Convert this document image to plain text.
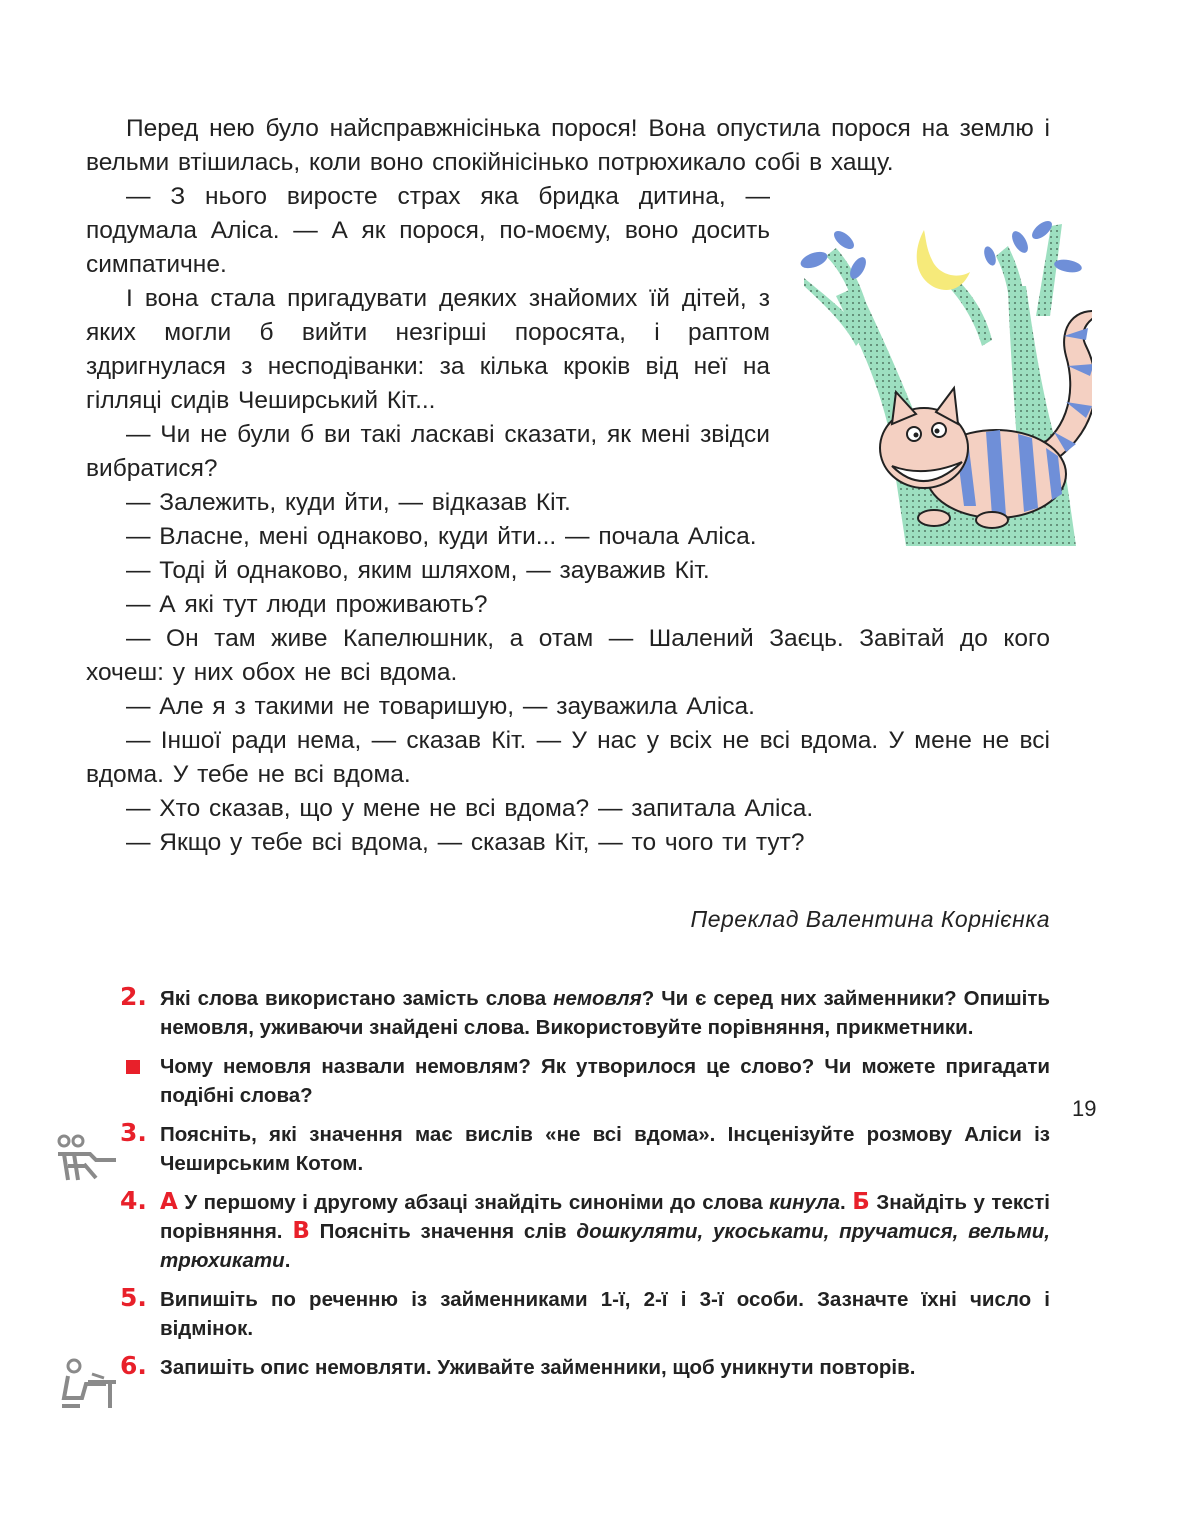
Перед нею було найсправжнісінька порося! Вона опустила порося на землю і вельми втішилась, коли воно спокійнісінько потрюхикало собі в хащу.

— З нього виросте страх яка бридка дитина, — подумала Аліса. — А як порося, по-моєму, воно досить симпатичне.

І вона стала пригадувати деяких знайомих їй дітей, з яких могли б вийти незгірші поросята, і раптом здригнулася з несподіванки: за кілька кроків від неї на гілляці сидів Чеширський Кіт...

— Чи не були б ви такі ласкаві сказати, як мені звідси вибратися?

— Залежить, куди йти, — відказав Кіт.

— Власне, мені однаково, куди йти... — почала Аліса.

— Тоді й однаково, яким шляхом, — зауважив Кіт.

— А які тут люди проживають?

— Он там живе Капелюшник, а отам — Шалений Заєць. Завітай до кого хочеш: у них обох не всі вдома.

— Але я з такими не товаришую, — зауважила Аліса.

— Іншої ради нема, — сказав Кіт. — У нас у всіх не всі вдома. У мене не всі вдома. У тебе не всі вдома.

— Хто сказав, що у мене не всі вдома? — запитала Аліса.

— Якщо у тебе всі вдома, — сказав Кіт, — то чого ти тут?

Переклад Валентина Корнієнка
2. Які слова використано замість слова немовля? Чи є серед них займенники? Опишіть немовля, уживаючи знайдені слова. Використовуйте порівняння, прикметники.
Чому немовля назвали немовлям? Як утворилося це слово? Чи можете пригадати подібні слова?
3. Поясніть, які значення має вислів «не всі вдома». Інсценізуйте розмову Аліси із Чеширським Котом.
4. А У першому і другому абзаці знайдіть синоніми до слова кинула. Б Знайдіть у тексті порівняння. В Поясніть значення слів дошкуляти, укоськати, пручатися, вельми, трюхикати.
5. Випишіть по реченню із займенниками 1-ї, 2-ї і 3-ї особи. Зазначте їхні число і відмінок.
6. Запишіть опис немовляти. Уживайте займенники, щоб уникнути повторів.
19
